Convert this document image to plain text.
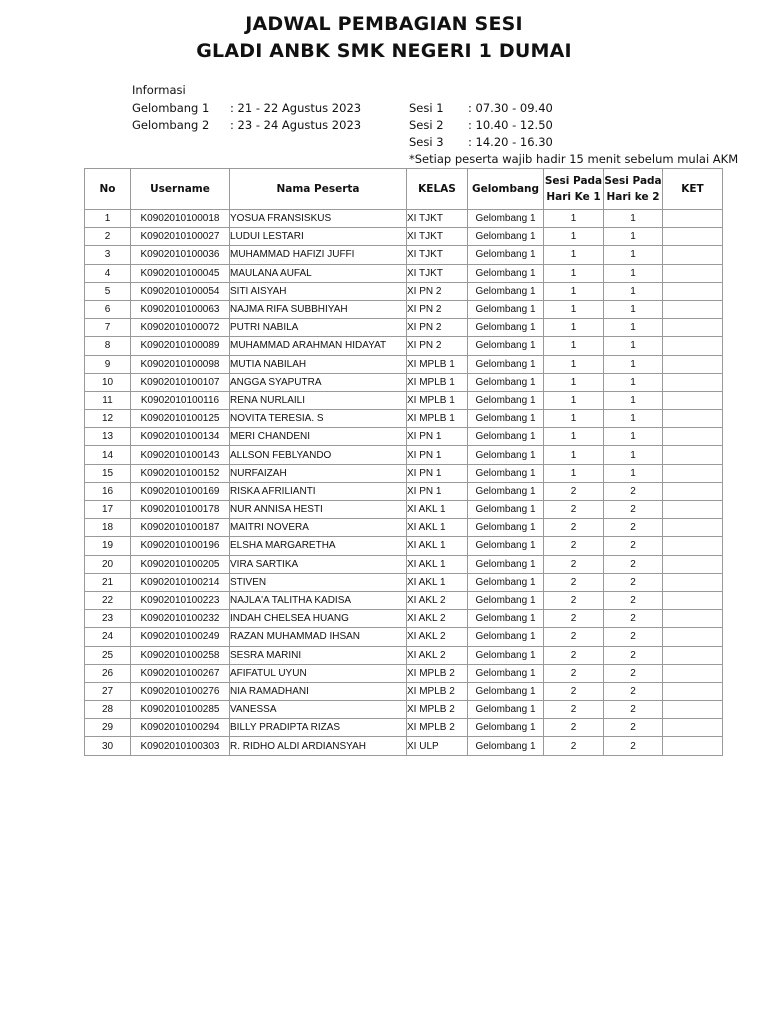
JADWAL PEMBAGIAN SESI
GLADI ANBK SMK NEGERI 1 DUMAI
Informasi
Gelombang 1 : 21 - 22 Agustus 2023
Gelombang 2 : 23 - 24 Agustus 2023
Sesi 1 : 07.30 - 09.40
Sesi 2 : 10.40 - 12.50
Sesi 3 : 14.20 - 16.30
*Setiap peserta wajib hadir 15 menit sebelum mulai AKM
No	Username	Nama Peserta	KELAS	Gelombang	Sesi Pada Hari Ke 1	Sesi Pada Hari ke 2	KET
1	K0902010100018	YOSUA FRANSISKUS	XI TJKT	Gelombang 1	1	1	
2	K0902010100027	LUDUI LESTARI	XI TJKT	Gelombang 1	1	1	
3	K0902010100036	MUHAMMAD HAFIZI JUFFI	XI TJKT	Gelombang 1	1	1	
4	K0902010100045	MAULANA AUFAL	XI TJKT	Gelombang 1	1	1	
5	K0902010100054	SITI AISYAH	XI PN 2	Gelombang 1	1	1	
6	K0902010100063	NAJMA RIFA SUBBHIYAH	XI PN 2	Gelombang 1	1	1	
7	K0902010100072	PUTRI NABILA	XI PN 2	Gelombang 1	1	1	
8	K0902010100089	MUHAMMAD ARAHMAN HIDAYAT	XI PN 2	Gelombang 1	1	1	
9	K0902010100098	MUTIA NABILAH	XI MPLB 1	Gelombang 1	1	1	
10	K0902010100107	ANGGA SYAPUTRA	XI MPLB 1	Gelombang 1	1	1	
11	K0902010100116	RENA NURLAILI	XI MPLB 1	Gelombang 1	1	1	
12	K0902010100125	NOVITA TERESIA. S	XI MPLB 1	Gelombang 1	1	1	
13	K0902010100134	MERI CHANDENI	XI PN 1	Gelombang 1	1	1	
14	K0902010100143	ALLSON FEBLYANDO	XI PN 1	Gelombang 1	1	1	
15	K0902010100152	NURFAIZAH	XI PN 1	Gelombang 1	1	1	
16	K0902010100169	RISKA AFRILIANTI	XI PN 1	Gelombang 1	2	2	
17	K0902010100178	NUR ANNISA HESTI	XI AKL 1	Gelombang 1	2	2	
18	K0902010100187	MAITRI NOVERA	XI AKL 1	Gelombang 1	2	2	
19	K0902010100196	ELSHA MARGARETHA	XI AKL 1	Gelombang 1	2	2	
20	K0902010100205	VIRA SARTIKA	XI AKL 1	Gelombang 1	2	2	
21	K0902010100214	STIVEN	XI AKL 1	Gelombang 1	2	2	
22	K0902010100223	NAJLA'A TALITHA KADISA	XI AKL 2	Gelombang 1	2	2	
23	K0902010100232	INDAH CHELSEA HUANG	XI AKL 2	Gelombang 1	2	2	
24	K0902010100249	RAZAN MUHAMMAD IHSAN	XI AKL 2	Gelombang 1	2	2	
25	K0902010100258	SESRA MARINI	XI AKL 2	Gelombang 1	2	2	
26	K0902010100267	AFIFATUL UYUN	XI MPLB 2	Gelombang 1	2	2	
27	K0902010100276	NIA RAMADHANI	XI MPLB 2	Gelombang 1	2	2	
28	K0902010100285	VANESSA	XI MPLB 2	Gelombang 1	2	2	
29	K0902010100294	BILLY PRADIPTA RIZAS	XI MPLB 2	Gelombang 1	2	2	
30	K0902010100303	R. RIDHO ALDI ARDIANSYAH	XI ULP	Gelombang 1	2	2	
